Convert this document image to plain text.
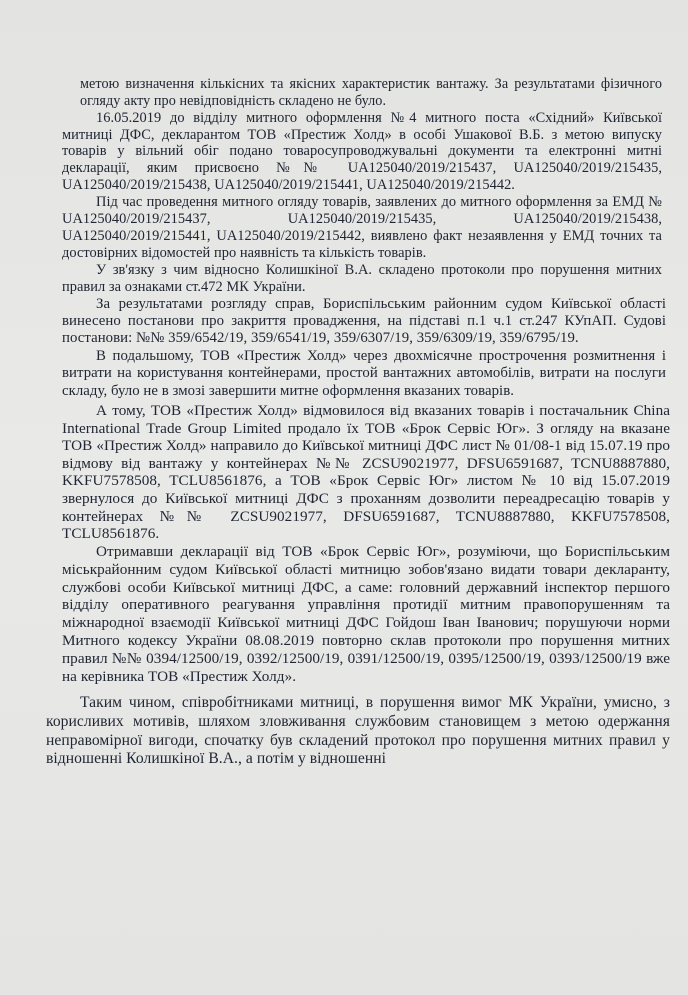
метою визначення кількісних та якісних характеристик вантажу. За результатами фізичного огляду акту про невідповідність складено не було.

16.05.2019 до відділу митного оформлення №4 митного поста «Східний» Київської митниці ДФС, декларантом ТОВ «Престиж Холд» в особі Ушакової В.Б. з метою випуску товарів у вільний обіг подано товаросупроводжувальні документи та електронні митні декларації, яким присвоєно №№ UA125040/2019/215437, UA125040/2019/215435, UA125040/2019/215438, UA125040/2019/215441, UA125040/2019/215442.

Під час проведення митного огляду товарів, заявлених до митного оформлення за ЕМД № UA125040/2019/215437, UA125040/2019/215435, UA125040/2019/215438, UA125040/2019/215441, UA125040/2019/215442, виявлено факт незаявлення у ЕМД точних та достовірних відомостей про наявність та кількість товарів.

У зв'язку з чим відносно Колишкіної В.А. складено протоколи про порушення митних правил за ознаками ст.472 МК України.

За результатами розгляду справ, Бориспільським районним судом Київської області винесено постанови про закриття провадження, на підставі п.1 ч.1 ст.247 КУпАП. Судові постанови: №№ 359/6542/19, 359/6541/19, 359/6307/19, 359/6309/19, 359/6795/19.

В подальшому, ТОВ «Престиж Холд» через двохмісячне прострочення розмитнення і витрати на користування контейнерами, простой вантажних автомобілів, витрати на послуги складу, було не в змозі завершити митне оформлення вказаних товарів.

А тому, ТОВ «Престиж Холд» відмовилося від вказаних товарів і постачальник China International Trade Group Limited продало їх ТОВ «Брок Сервіс Юг». З огляду на вказане ТОВ «Престиж Холд» направило до Київської митниці ДФС лист № 01/08-1 від 15.07.19 про відмову від вантажу у контейнерах №№ ZCSU9021977, DFSU6591687, TCNU8887880, KKFU7578508, TCLU8561876, а ТОВ «Брок Сервіс Юг» листом № 10 від 15.07.2019 звернулося до Київської митниці ДФС з проханням дозволити переадресацію товарів у контейнерах №№ ZCSU9021977, DFSU6591687, TCNU8887880, KKFU7578508, TCLU8561876.

Отримавши декларації від ТОВ «Брок Сервіс Юг», розуміючи, що Бориспільським міськрайонним судом Київської області митницю зобов'язано видати товари декларанту, службові особи Київської митниці ДФС, а саме: головний державний інспектор першого відділу оперативного реагування управління протидії митним правопорушенням та міжнародної взаємодії Київської митниці ДФС Гойдош Іван Іванович; порушуючи норми Митного кодексу України 08.08.2019 повторно склав протоколи про порушення митних правил №№ 0394/12500/19, 0392/12500/19, 0391/12500/19, 0395/12500/19, 0393/12500/19 вже на керівника ТОВ «Престиж Холд».

Таким чином, співробітниками митниці, в порушення вимог МК України, умисно, з корисливих мотивів, шляхом зловживання службовим становищем з метою одержання неправомірної вигоди, спочатку був складений протокол про порушення митних правил у відношенні Колишкіної В.А., а потім у відношенні
